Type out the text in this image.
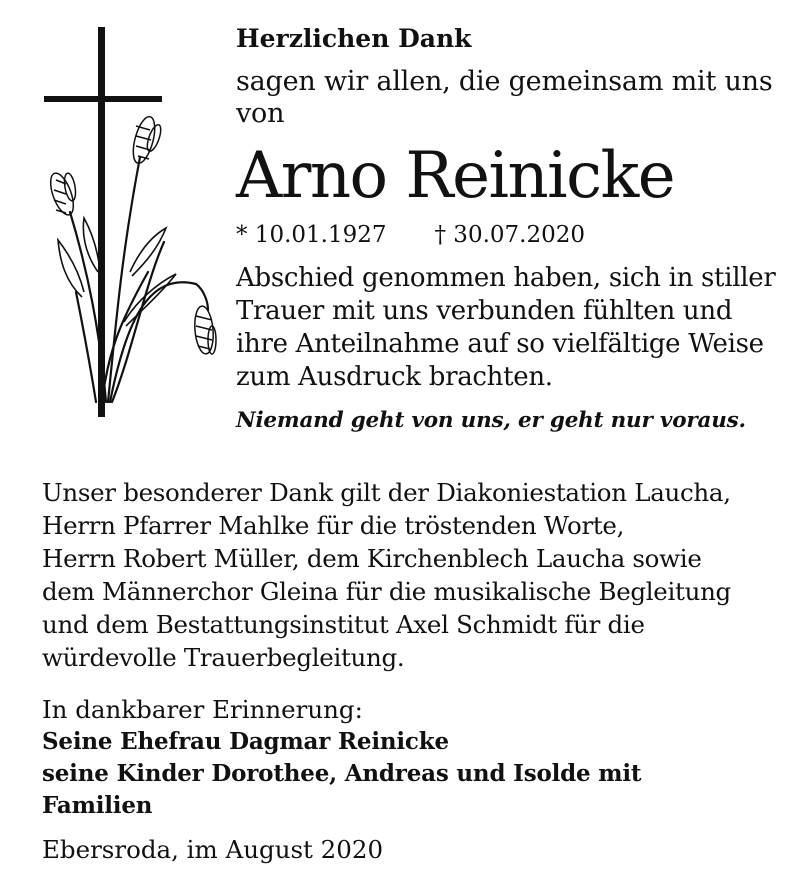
Herzlichen Dank
sagen wir allen, die gemeinsam mit uns von
Arno Reinicke
* 10.01.1927 † 30.07.2020
Abschied genommen haben, sich in stiller Trauer mit uns verbunden fühlten und ihre Anteilnahme auf so vielfältige Weise zum Ausdruck brachten.
Niemand geht von uns, er geht nur voraus.
Unser besonderer Dank gilt der Diakoniestation Laucha,
Herrn Pfarrer Mahlke für die tröstenden Worte,
Herrn Robert Müller, dem Kirchenblech Laucha sowie
dem Männerchor Gleina für die musikalische Begleitung
und dem Bestattungsinstitut Axel Schmidt für die
würdevolle Trauerbegleitung.
In dankbarer Erinnerung:
Seine Ehefrau Dagmar Reinicke
seine Kinder Dorothee, Andreas und Isolde mit
Familien
Ebersroda, im August 2020
